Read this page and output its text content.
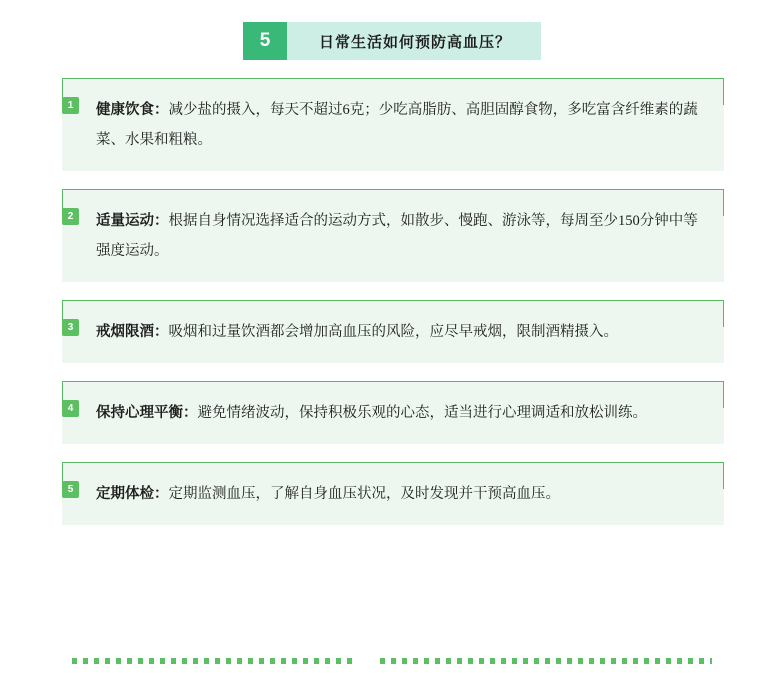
5	日常生活如何预防高血压？
1	健康饮食：减少盐的摄入，每天不超过6克；少吃高脂肪、高胆固醇食物，多吃富含纤维素的蔬菜、水果和粗粮。
2	适量运动：根据自身情况选择适合的运动方式，如散步、慢跑、游泳等，每周至少150分钟中等强度运动。
3	戒烟限酒：吸烟和过量饮酒都会增加高血压的风险，应尽早戒烟，限制酒精摄入。
4	保持心理平衡：避免情绪波动，保持积极乐观的心态，适当进行心理调适和放松训练。
5	定期体检：定期监测血压，了解自身血压状况，及时发现并干预高血压。
